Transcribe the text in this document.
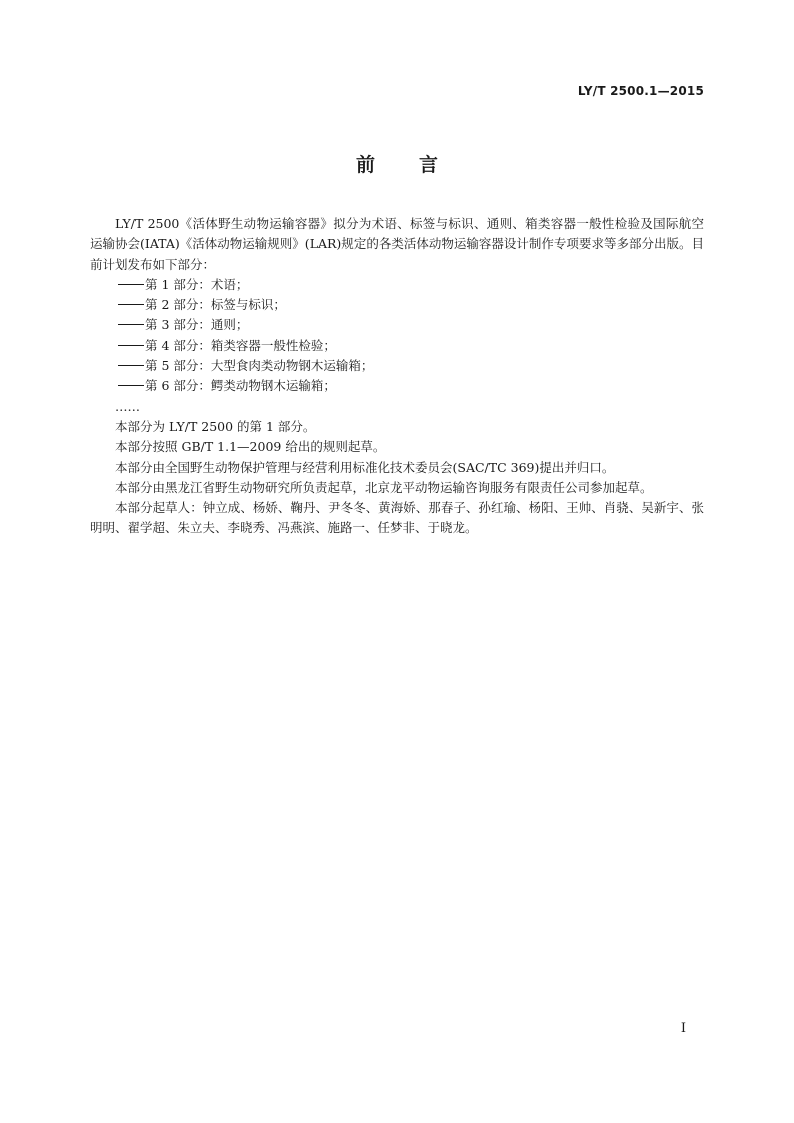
LY/T 2500.1—2015
前 言

LY/T 2500《活体野生动物运输容器》拟分为术语、标签与标识、通则、箱类容器一般性检验及国际航空运输协会(IATA)《活体动物运输规则》(LAR)规定的各类活体动物运输容器设计制作专项要求等多部分出版。目前计划发布如下部分：

第 1 部分：术语；

第 2 部分：标签与标识；

第 3 部分：通则；

第 4 部分：箱类容器一般性检验；

第 5 部分：大型食肉类动物钢木运输箱；

第 6 部分：鳄类动物钢木运输箱；

……

本部分为 LY/T 2500 的第 1 部分。

本部分按照 GB/T 1.1—2009 给出的规则起草。

本部分由全国野生动物保护管理与经营利用标准化技术委员会(SAC/TC 369)提出并归口。

本部分由黑龙江省野生动物研究所负责起草，北京龙平动物运输咨询服务有限责任公司参加起草。

本部分起草人：钟立成、杨娇、鞠丹、尹冬冬、黄海娇、那春子、孙红瑜、杨阳、王帅、肖骁、吴新宇、张明明、翟学超、朱立夫、李晓秀、冯燕滨、施路一、任梦非、于晓龙。

I
